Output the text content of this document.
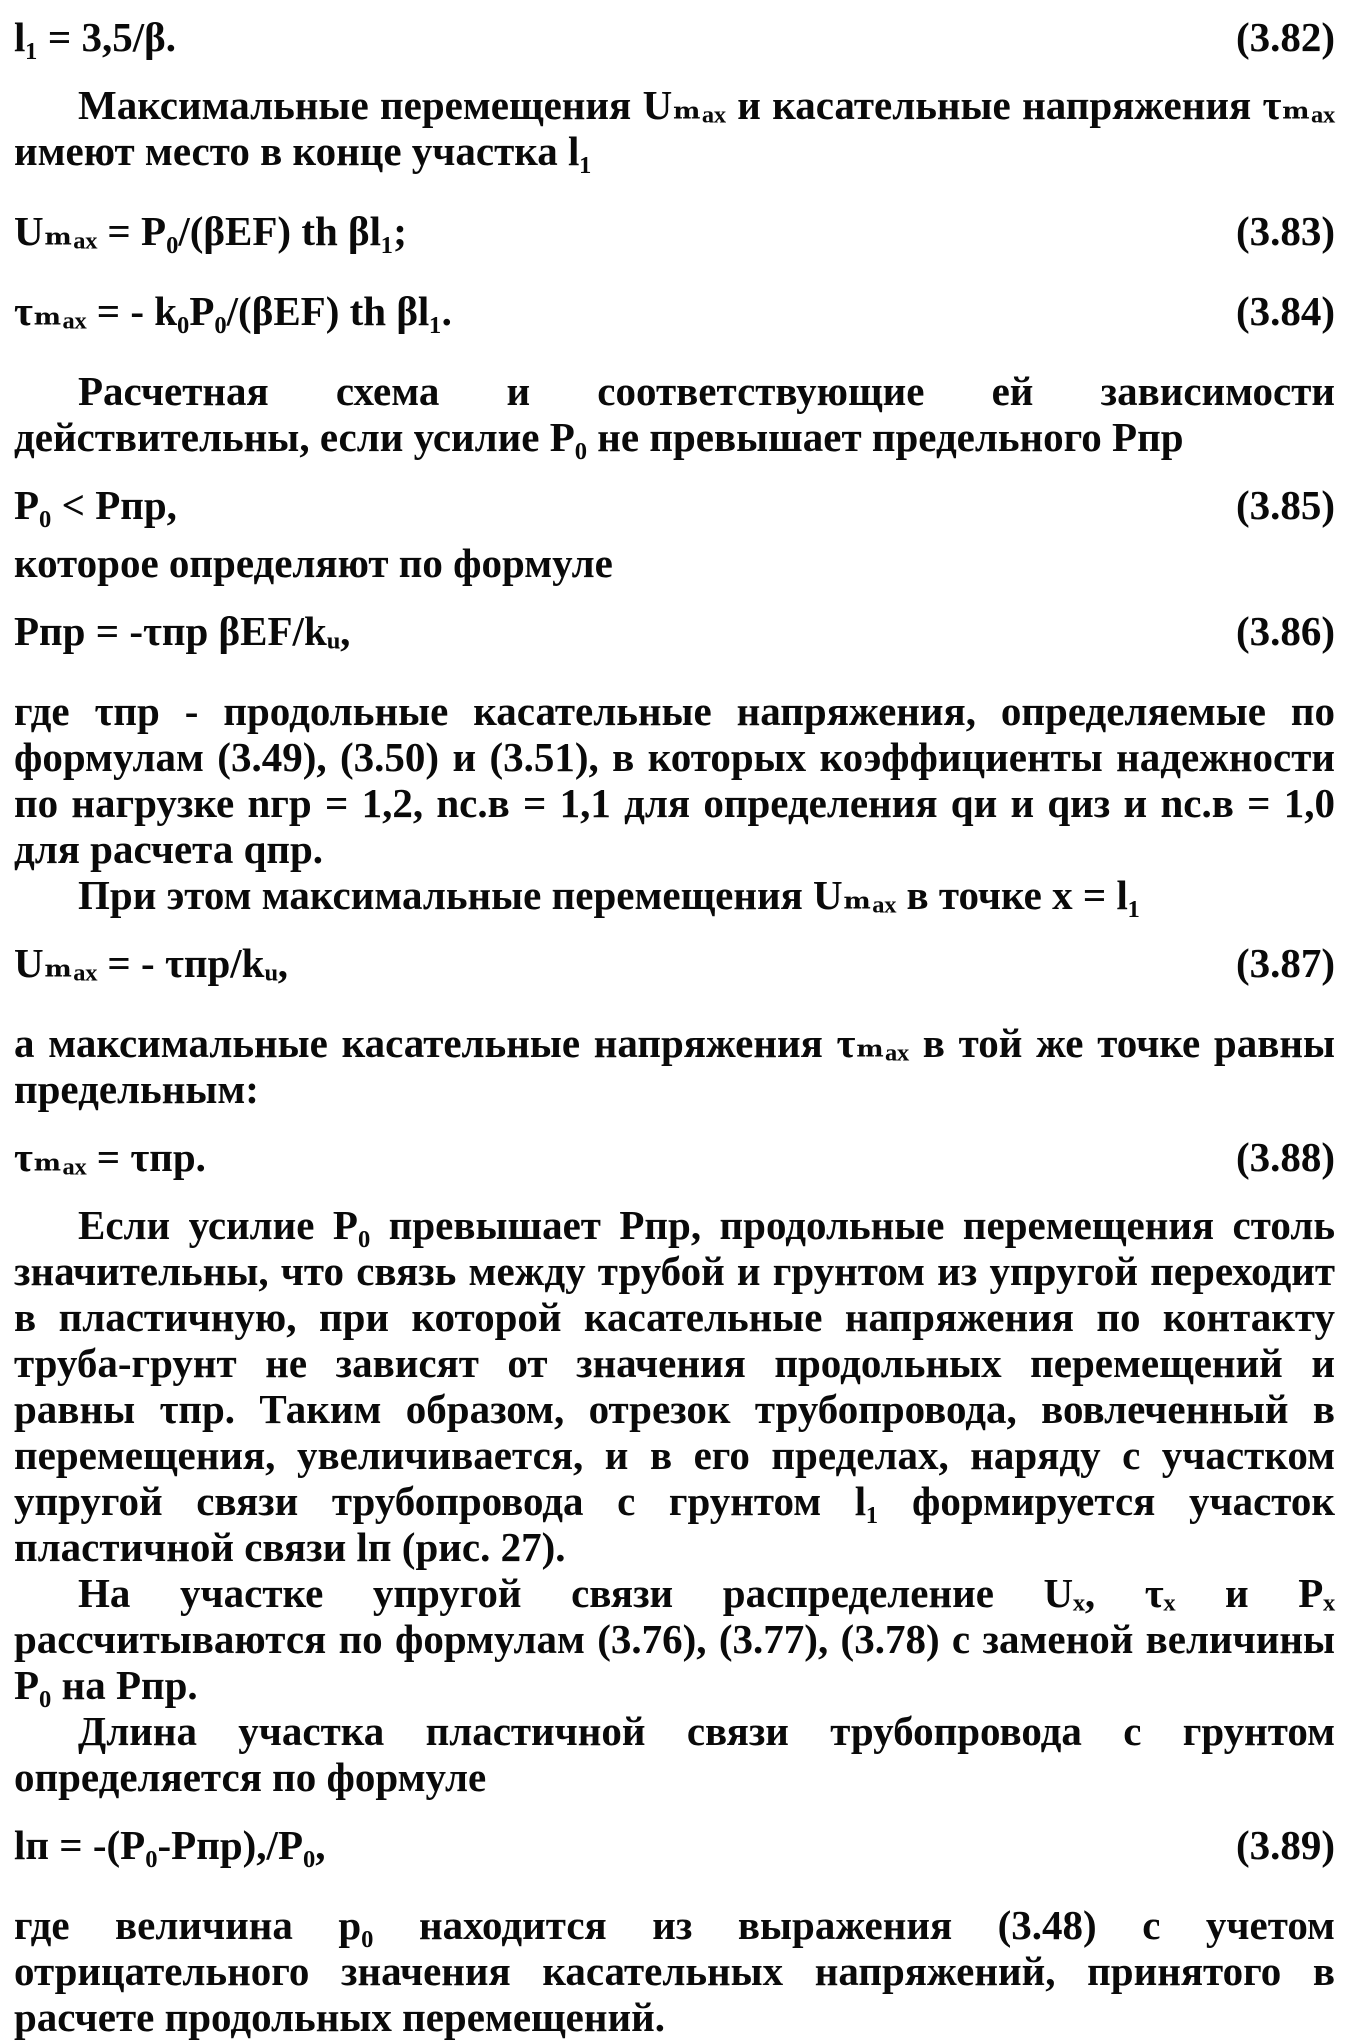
l₁ = 3,5/β.	(3.82)

Максимальные перемещения Uₘₐₓ и касательные напряжения τₘₐₓ имеют место в конце участка l₁

Uₘₐₓ = P₀/(βEF) th βl₁;	(3.83)
τₘₐₓ = - k₀P₀/(βEF) th βl₁.	(3.84)

Расчетная схема и соответствующие ей зависимости действительны, если усилие P₀ не превышает предельного Pпр

P₀ < Pпр,	(3.85)

которое определяют по формуле

Pпр = -τпр βEF/kᵤ,	(3.86)

где τпр - продольные касательные напряжения, определяемые по формулам (3.49), (3.50) и (3.51), в которых коэффициенты надежности по нагрузке nгр = 1,2, nс.в = 1,1 для определения qи и qиз и nс.в = 1,0 для расчета qпр.

При этом максимальные перемещения Uₘₐₓ в точке x = l₁

Uₘₐₓ = - τпр/kᵤ,	(3.87)

а максимальные касательные напряжения τₘₐₓ в той же точке равны предельным:

τₘₐₓ = τпр.	(3.88)

Если усилие P₀ превышает Pпр, продольные перемещения столь значительны, что связь между трубой и грунтом из упругой переходит в пластичную, при которой касательные напряжения по контакту труба-грунт не зависят от значения продольных перемещений и равны τпр. Таким образом, отрезок трубопровода, вовлеченный в перемещения, увеличивается, и в его пределах, наряду с участком упругой связи трубопровода с грунтом l₁ формируется участок пластичной связи lп (рис. 27).

На участке упругой связи распределение Uₓ, τₓ и Pₓ рассчитываются по формулам (3.76), (3.77), (3.78) с заменой величины P₀ на Pпр.

Длина участка пластичной связи трубопровода с грунтом определяется по формуле

lп = -(P₀-Pпр),/P₀,	(3.89)

где величина p₀ находится из выражения (3.48) с учетом отрицательного значения касательных напряжений, принятого в расчете продольных перемещений.
